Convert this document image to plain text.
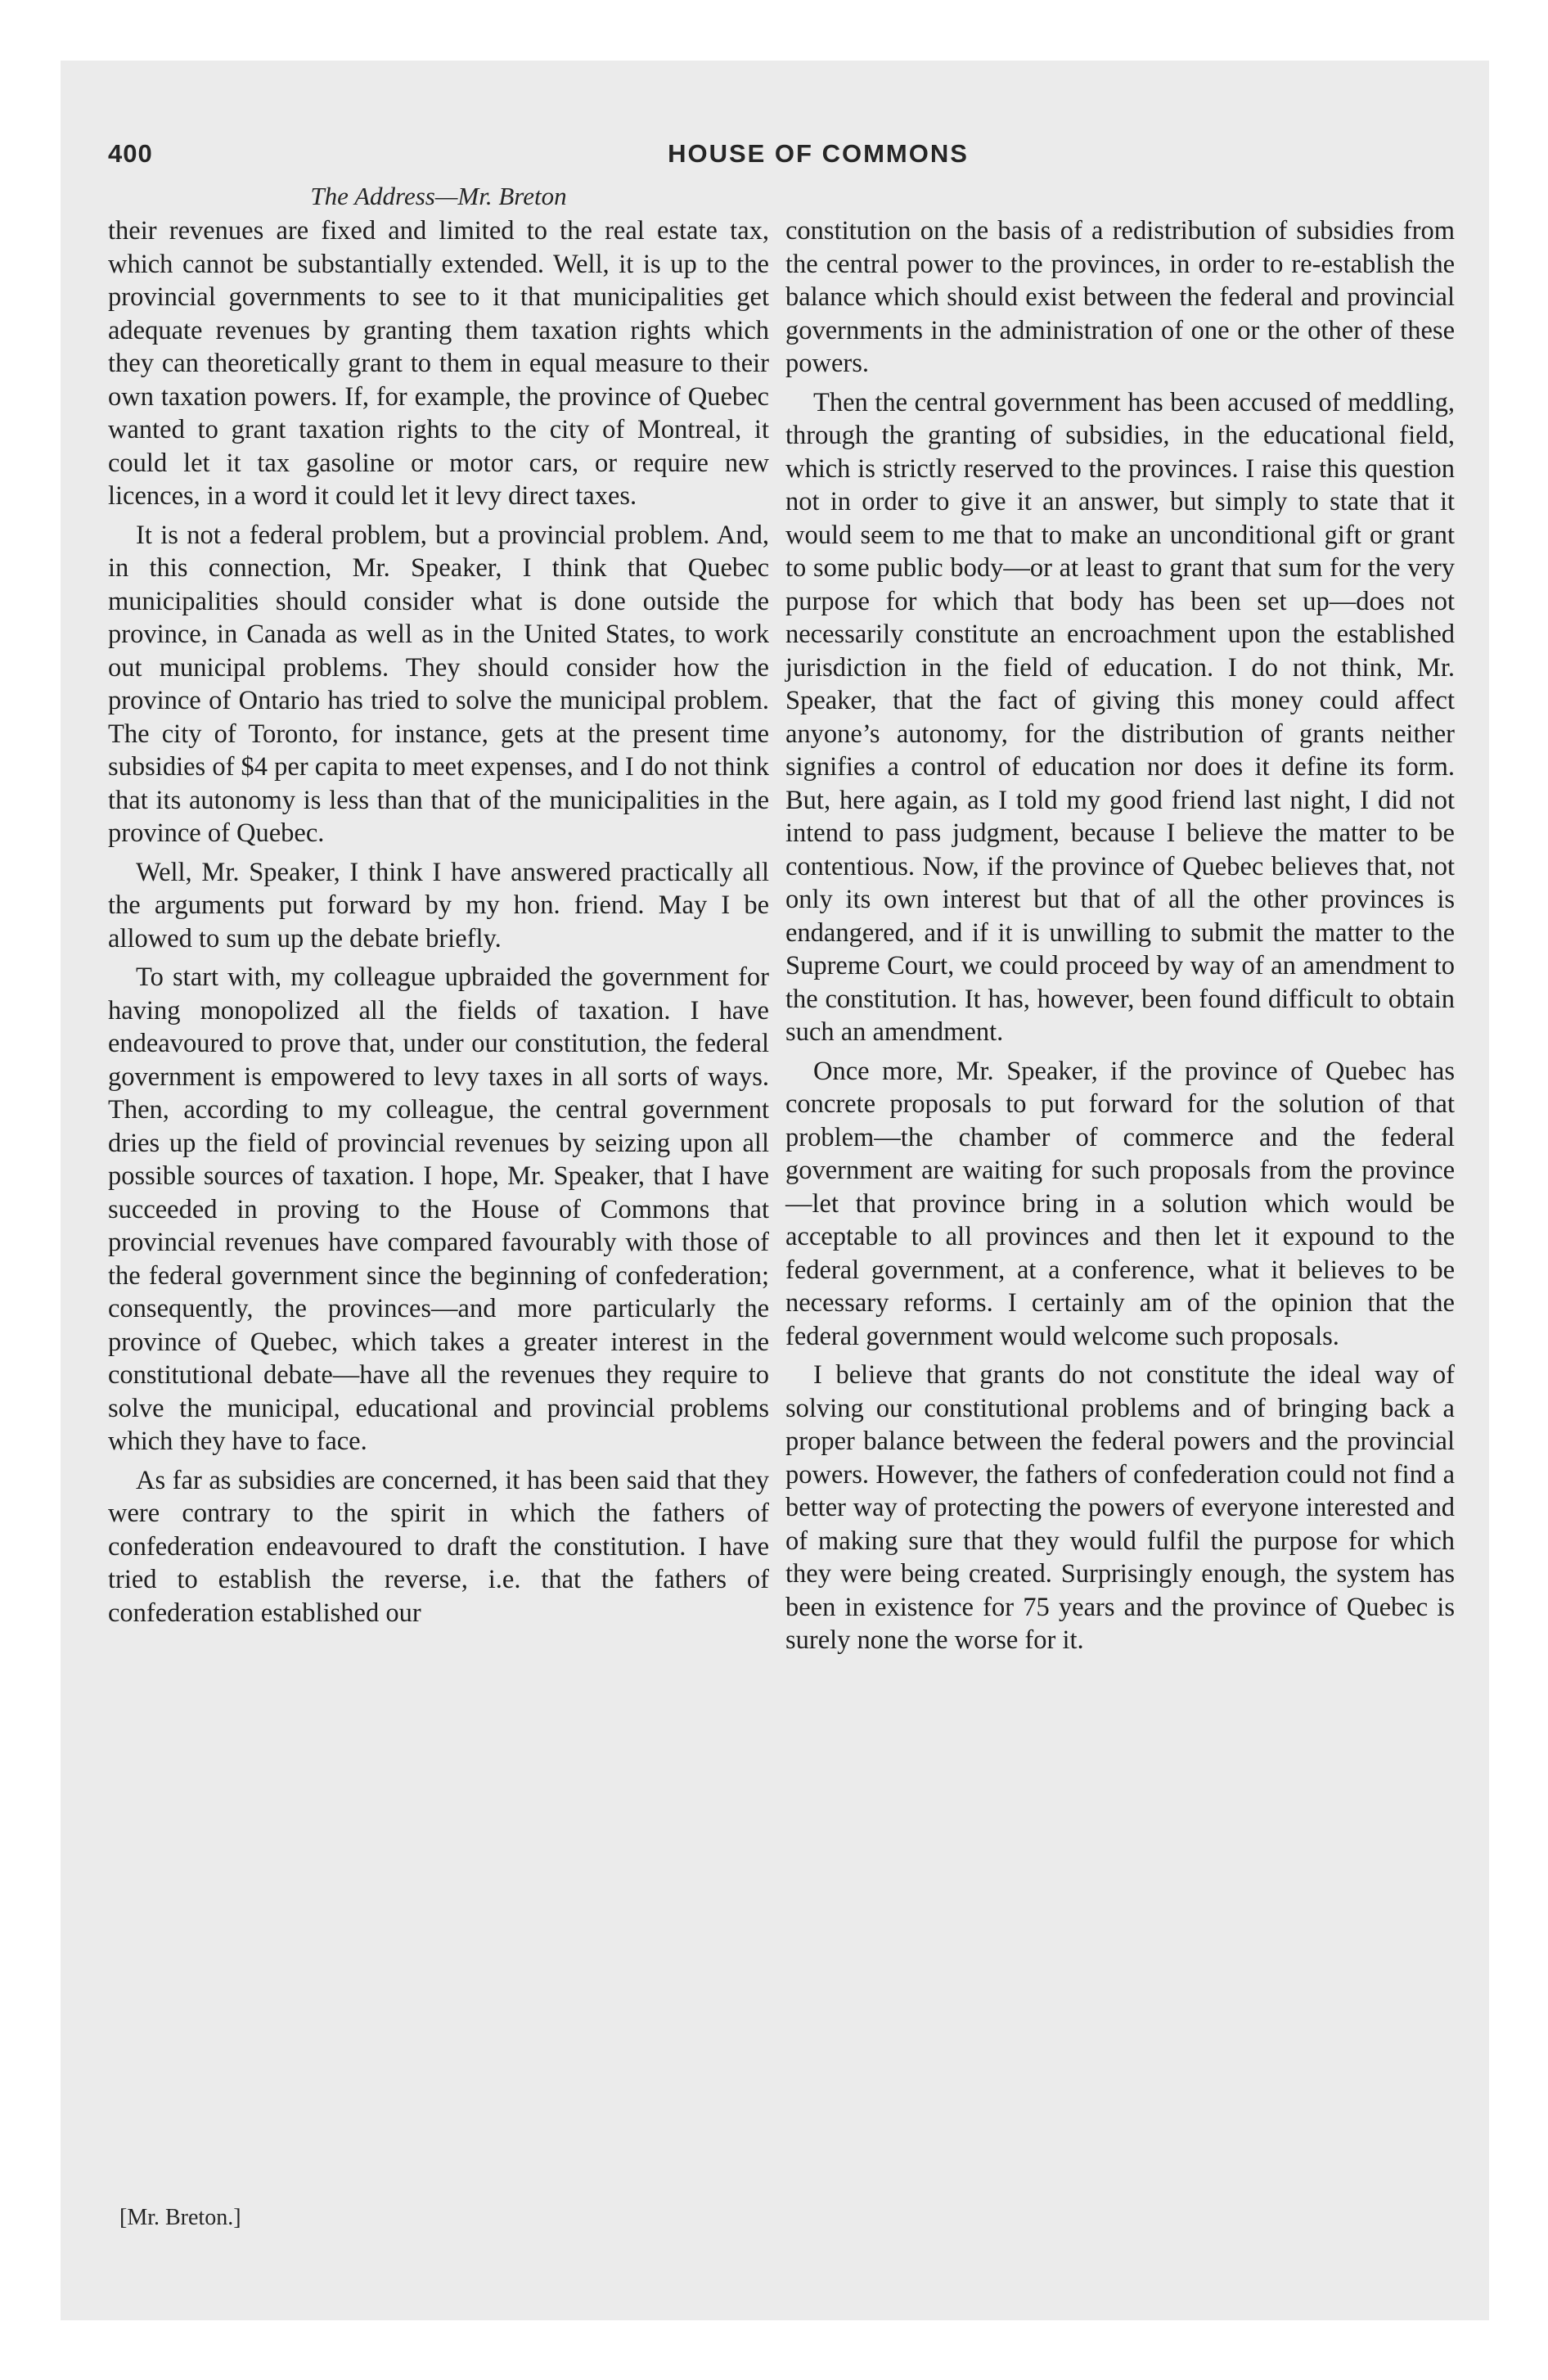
400	HOUSE OF COMMONS
The Address—Mr. Breton

their revenues are fixed and limited to the real estate tax, which cannot be substantially extended. Well, it is up to the provincial governments to see to it that municipalities get adequate revenues by granting them taxation rights which they can theoretically grant to them in equal measure to their own taxation powers. If, for example, the province of Quebec wanted to grant taxation rights to the city of Montreal, it could let it tax gasoline or motor cars, or require new licences, in a word it could let it levy direct taxes.

It is not a federal problem, but a provincial problem. And, in this connection, Mr. Speaker, I think that Quebec municipalities should consider what is done outside the province, in Canada as well as in the United States, to work out municipal problems. They should consider how the province of Ontario has tried to solve the municipal problem. The city of Toronto, for instance, gets at the present time subsidies of $4 per capita to meet expenses, and I do not think that its autonomy is less than that of the municipalities in the province of Quebec.

Well, Mr. Speaker, I think I have answered practically all the arguments put forward by my hon. friend. May I be allowed to sum up the debate briefly.

To start with, my colleague upbraided the government for having monopolized all the fields of taxation. I have endeavoured to prove that, under our constitution, the federal government is empowered to levy taxes in all sorts of ways. Then, according to my colleague, the central government dries up the field of provincial revenues by seizing upon all possible sources of taxation. I hope, Mr. Speaker, that I have succeeded in proving to the House of Commons that provincial revenues have compared favourably with those of the federal government since the beginning of confederation; consequently, the provinces—and more particularly the province of Quebec, which takes a greater interest in the constitutional debate—have all the revenues they require to solve the municipal, educational and provincial problems which they have to face.

As far as subsidies are concerned, it has been said that they were contrary to the spirit in which the fathers of confederation endeavoured to draft the constitution. I have tried to establish the reverse, i.e. that the fathers of confederation established our

constitution on the basis of a redistribution of subsidies from the central power to the provinces, in order to re-establish the balance which should exist between the federal and provincial governments in the administration of one or the other of these powers.

Then the central government has been accused of meddling, through the granting of subsidies, in the educational field, which is strictly reserved to the provinces. I raise this question not in order to give it an answer, but simply to state that it would seem to me that to make an unconditional gift or grant to some public body—or at least to grant that sum for the very purpose for which that body has been set up—does not necessarily constitute an encroachment upon the established jurisdiction in the field of education. I do not think, Mr. Speaker, that the fact of giving this money could affect anyone’s autonomy, for the distribution of grants neither signifies a control of education nor does it define its form. But, here again, as I told my good friend last night, I did not intend to pass judgment, because I believe the matter to be contentious. Now, if the province of Quebec believes that, not only its own interest but that of all the other provinces is endangered, and if it is unwilling to submit the matter to the Supreme Court, we could proceed by way of an amendment to the constitution. It has, however, been found difficult to obtain such an amendment.

Once more, Mr. Speaker, if the province of Quebec has concrete proposals to put forward for the solution of that problem—the chamber of commerce and the federal government are waiting for such proposals from the province—let that province bring in a solution which would be acceptable to all provinces and then let it expound to the federal government, at a conference, what it believes to be necessary reforms. I certainly am of the opinion that the federal government would welcome such proposals.

I believe that grants do not constitute the ideal way of solving our constitutional problems and of bringing back a proper balance between the federal powers and the provincial powers. However, the fathers of confederation could not find a better way of protecting the powers of everyone interested and of making sure that they would fulfil the purpose for which they were being created. Surprisingly enough, the system has been in existence for 75 years and the province of Quebec is surely none the worse for it.

[Mr. Breton.]
